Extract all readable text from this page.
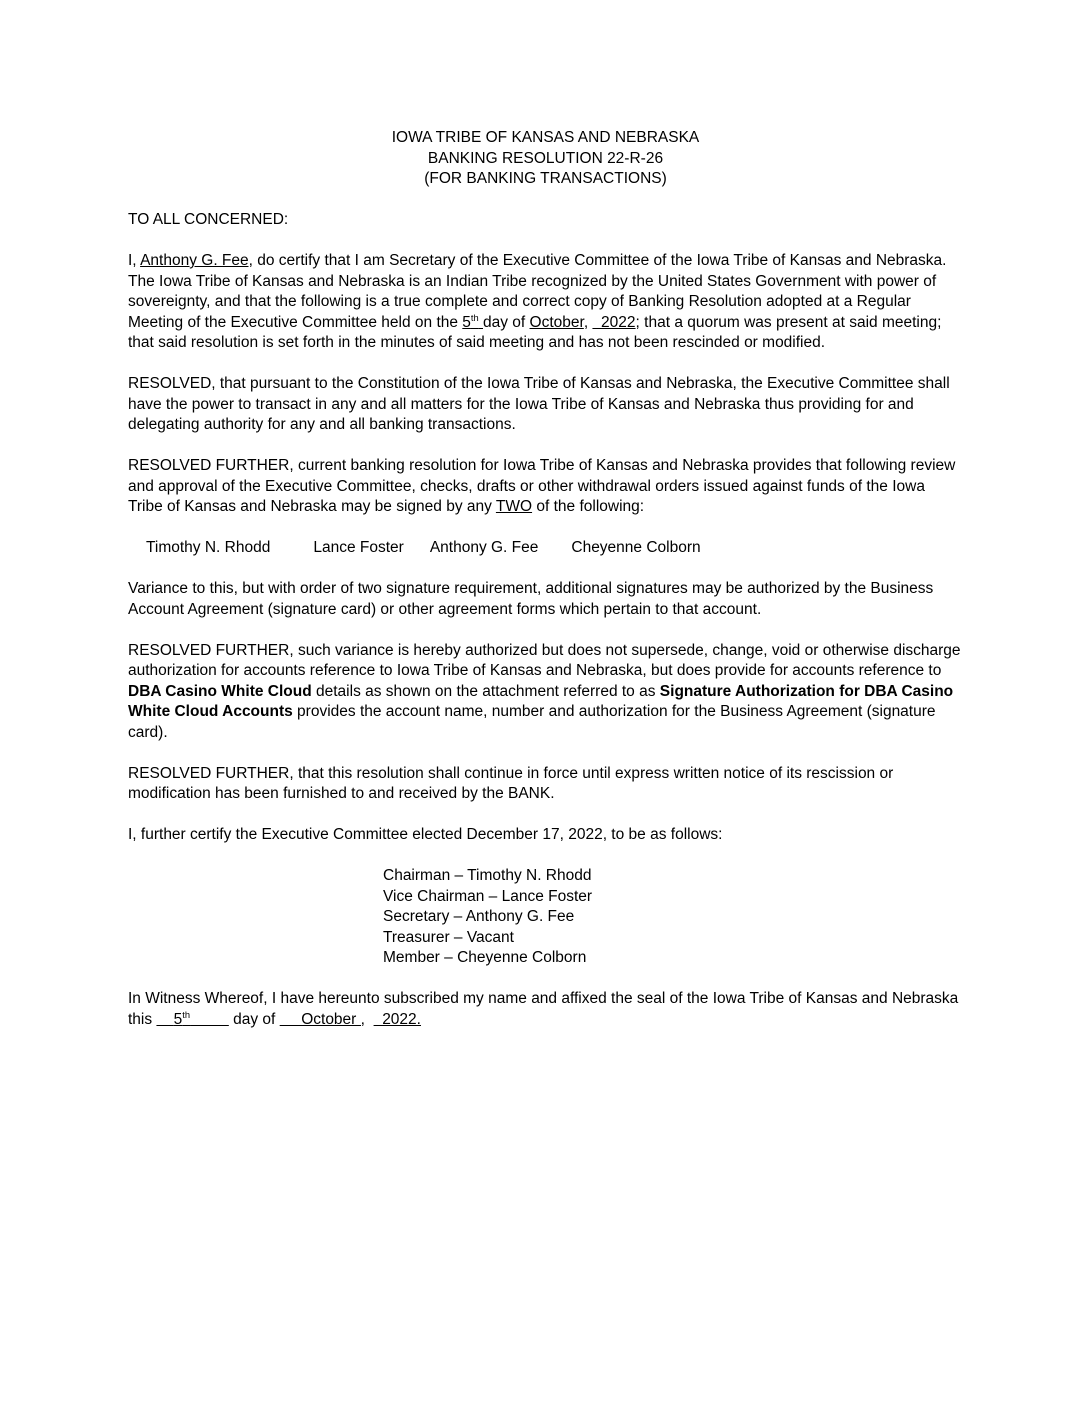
IOWA TRIBE OF KANSAS AND NEBRASKA
BANKING RESOLUTION 22-R-26
(FOR BANKING TRANSACTIONS)

TO ALL CONCERNED:

I, Anthony G. Fee, do certify that I am Secretary of the Executive Committee of the Iowa Tribe of Kansas and Nebraska.  The Iowa Tribe of Kansas and Nebraska is an Indian Tribe recognized by the United States Government with power of sovereignty, and that the following is a true complete and correct copy of Banking Resolution adopted at a Regular Meeting of the Executive Committee held on the 5th day of October,   2022; that a quorum was present at said meeting; that said resolution is set forth in the minutes of said meeting and has not been rescinded or modified.

RESOLVED, that pursuant to the Constitution of the Iowa Tribe of Kansas and Nebraska, the Executive Committee shall have the power to transact in any and all matters for the Iowa Tribe of Kansas and Nebraska thus providing for and delegating authority for any and all banking transactions.

RESOLVED FURTHER, current banking resolution for Iowa Tribe of Kansas and Nebraska provides that following review and approval of the Executive Committee, checks, drafts or other withdrawal orders issued against funds of the Iowa Tribe of Kansas and Nebraska may be signed by any TWO of the following:

Timothy N. Rhodd	Lance Foster Anthony G. Fee Cheyenne Colborn

Variance to this, but with order of two signature requirement, additional signatures may be authorized by the Business Account Agreement (signature card) or other agreement forms which pertain to that account.

RESOLVED FURTHER, such variance is hereby authorized but does not supersede, change, void or otherwise discharge authorization for accounts reference to Iowa Tribe of Kansas and Nebraska, but does provide for accounts reference to DBA Casino White Cloud details as shown on the attachment referred to as Signature Authorization for DBA Casino White Cloud Accounts provides the account name, number and authorization for the Business Agreement (signature card).

RESOLVED FURTHER, that this resolution shall continue in force until express written notice of its rescission or modification has been furnished to and received by the BANK.

I, further certify the Executive Committee elected December 17, 2022, to be as follows:

Chairman – Timothy N. Rhodd
Vice Chairman – Lance Foster
Secretary – Anthony G. Fee
Treasurer – Vacant
Member – Cheyenne Colborn

In Witness Whereof, I have hereunto subscribed my name and affixed the seal of the Iowa Tribe of Kansas and Nebraska this     5th	day of      October ,    2022.
